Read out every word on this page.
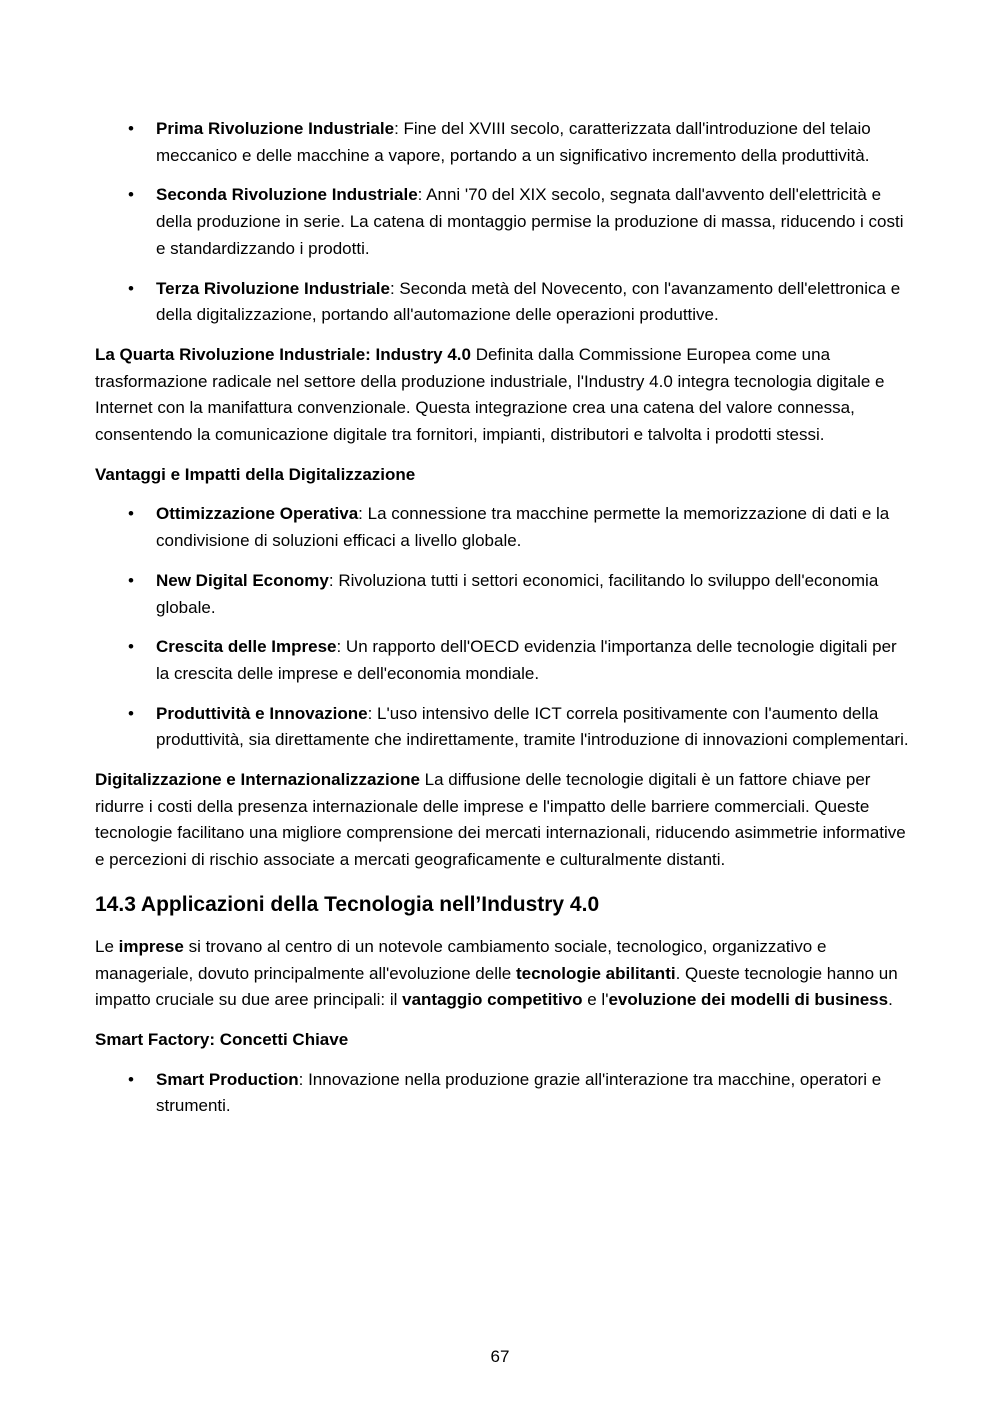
• Prima Rivoluzione Industriale: Fine del XVIII secolo, caratterizzata dall'introduzione del telaio meccanico e delle macchine a vapore, portando a un significativo incremento della produttività.
• Seconda Rivoluzione Industriale: Anni '70 del XIX secolo, segnata dall'avvento dell'elettricità e della produzione in serie. La catena di montaggio permise la produzione di massa, riducendo i costi e standardizzando i prodotti.
• Terza Rivoluzione Industriale: Seconda metà del Novecento, con l'avanzamento dell'elettronica e della digitalizzazione, portando all'automazione delle operazioni produttive.

La Quarta Rivoluzione Industriale: Industry 4.0 Definita dalla Commissione Europea come una trasformazione radicale nel settore della produzione industriale, l'Industry 4.0 integra tecnologia digitale e Internet con la manifattura convenzionale. Questa integrazione crea una catena del valore connessa, consentendo la comunicazione digitale tra fornitori, impianti, distributori e talvolta i prodotti stessi.

Vantaggi e Impatti della Digitalizzazione

• Ottimizzazione Operativa: La connessione tra macchine permette la memorizzazione di dati e la condivisione di soluzioni efficaci a livello globale.
• New Digital Economy: Rivoluziona tutti i settori economici, facilitando lo sviluppo dell'economia globale.
• Crescita delle Imprese: Un rapporto dell'OECD evidenzia l'importanza delle tecnologie digitali per la crescita delle imprese e dell'economia mondiale.
• Produttività e Innovazione: L'uso intensivo delle ICT correla positivamente con l'aumento della produttività, sia direttamente che indirettamente, tramite l'introduzione di innovazioni complementari.

Digitalizzazione e Internazionalizzazione La diffusione delle tecnologie digitali è un fattore chiave per ridurre i costi della presenza internazionale delle imprese e l'impatto delle barriere commerciali. Queste tecnologie facilitano una migliore comprensione dei mercati internazionali, riducendo asimmetrie informative e percezioni di rischio associate a mercati geograficamente e culturalmente distanti.

14.3 Applicazioni della Tecnologia nell’Industry 4.0

Le imprese si trovano al centro di un notevole cambiamento sociale, tecnologico, organizzativo e manageriale, dovuto principalmente all'evoluzione delle tecnologie abilitanti. Queste tecnologie hanno un impatto cruciale su due aree principali: il vantaggio competitivo e l'evoluzione dei modelli di business.

Smart Factory: Concetti Chiave

• Smart Production: Innovazione nella produzione grazie all'interazione tra macchine, operatori e strumenti.
67
